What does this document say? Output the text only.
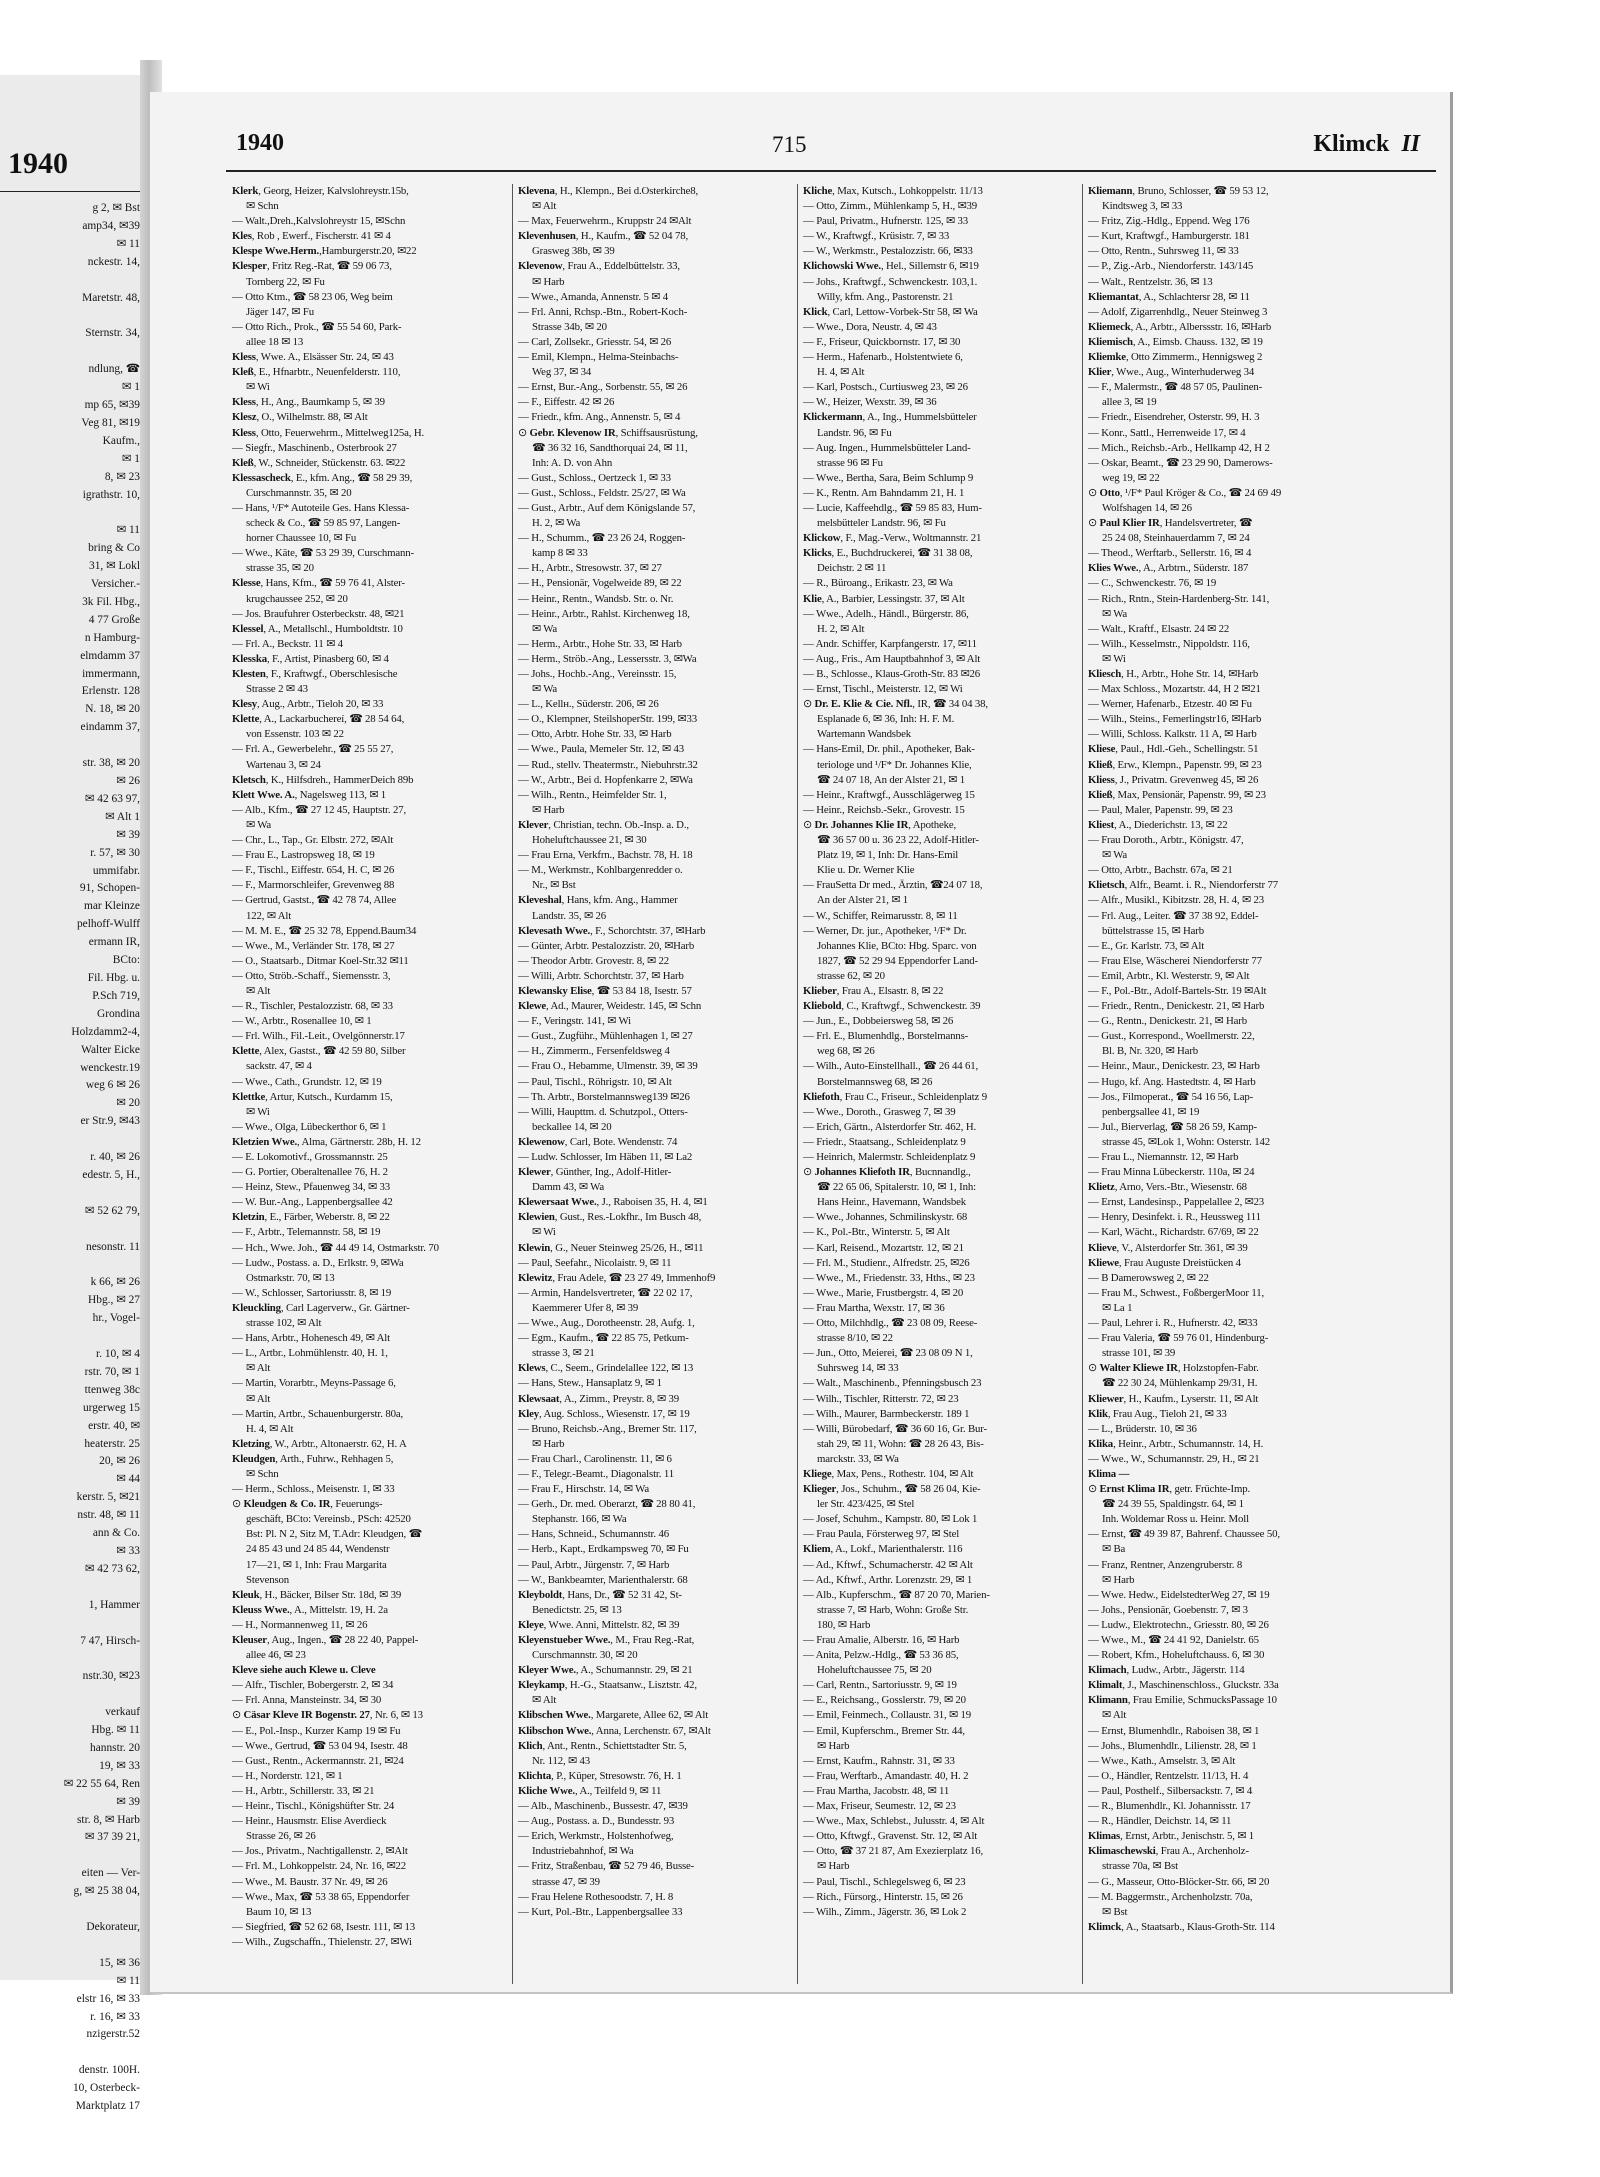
1940
g 2, ✉ Bst
amp34, ✉39
✉ 11
nckestr. 14,

Maretstr. 48,

Sternstr. 34,

ndlung, ☎
✉ 1
mp 65, ✉39
Veg 81, ✉19
Kaufm.,
✉ 1
8, ✉ 23
igrathstr. 10,

✉ 11
bring & Co
31, ✉ Lokl
Versicher.-
3k Fil. Hbg.,
4 77 Große
n Hamburg-
elmdamm 37
immermann,
Erlenstr. 128
N. 18, ✉ 20
eindamm 37,

str. 38, ✉ 20
✉ 26
✉ 42 63 97,
✉ Alt 1
✉ 39
r. 57, ✉ 30
ummifabr.
91, Schopen-
mar Kleinze
pelhoff-Wulff
ermann IR,
BCto:
Fil. Hbg. u.
P.Sch 719,
Grondina
Holzdamm2-4,
Walter Eicke
wenckestr.19
weg 6 ✉ 26
✉ 20
er Str.9, ✉43

r. 40, ✉ 26
edestr. 5, H.,

✉ 52 62 79,

nesonstr. 11

k 66, ✉ 26
Hbg., ✉ 27
hr., Vogel-

r. 10, ✉ 4
rstr. 70, ✉ 1
ttenweg 38c
urgerweg 15
erstr. 40, ✉
heaterstr. 25
20, ✉ 26
✉ 44
kerstr. 5, ✉21
nstr. 48, ✉ 11
ann & Co.
✉ 33
✉ 42 73 62,

1, Hammer

7 47, Hirsch-

nstr.30, ✉23

verkauf
Hbg. ✉ 11
hannstr. 20
19, ✉ 33
✉ 22 55 64, Ren
✉ 39
str. 8, ✉ Harb
✉ 37 39 21,

eiten — Ver-
g, ✉ 25 38 04,

Dekorateur,

15, ✉ 36
✉ 11
elstr 16, ✉ 33
r. 16, ✉ 33
nzigerstr.52

denstr. 100H.
10, Osterbeck-
Marktplatz 17
1940	715	Klimck II
Klerk, Georg, Heizer, Kalvslohreystr.15b,
✉ Schn
— Walt.,Dreh.,Kalvslohreystr 15, ✉Schn
Kles, Rob , Ewerf., Fischerstr. 41 ✉ 4
Klespe Wwe.Herm.,Hamburgerstr.20, ✉22
Klesper, Fritz Reg.-Rat, ☎ 59 06 73,
Tornberg 22, ✉ Fu
— Otto Ktm., ☎ 58 23 06, Weg beim
Jäger 147, ✉ Fu
— Otto Rich., Prok., ☎ 55 54 60, Park-
allee 18 ✉ 13
Kless, Wwe. A., Elsässer Str. 24, ✉ 43
Kleß, E., Hfnarbtr., Neuenfelderstr. 110,
✉ Wi
Kless, H., Ang., Baumkamp 5, ✉ 39
Klesz, O., Wilhelmstr. 88, ✉ Alt
Kless, Otto, Feuerwehrm., Mittelweg125a, H.
— Siegfr., Maschinenb., Osterbrook 27
Kleß, W., Schneider, Stückenstr. 63. ✉22
Klessascheck, E., kfm. Ang., ☎ 58 29 39,
Curschmannstr. 35, ✉ 20
— Hans, ¹/F* Autoteile Ges. Hans Klessa-
scheck & Co., ☎ 59 85 97, Langen-
horner Chaussee 10, ✉ Fu
— Wwe., Käte, ☎ 53 29 39, Curschmann-
strasse 35, ✉ 20
Klesse, Hans, Kfm., ☎ 59 76 41, Alster-
krugchaussee 252, ✉ 20
— Jos. Braufuhrer Osterbeckstr. 48, ✉21
Klessel, A., Metallschl., Humboldtstr. 10
— Frl. A., Beckstr. 11 ✉ 4
Klesska, F., Artist, Pinasberg 60, ✉ 4
Klesten, F., Kraftwgf., Oberschlesische
Strasse 2 ✉ 43
Klesy, Aug., Arbtr., Tieloh 20, ✉ 33
Klette, A., Lackarbuchereí, ☎ 28 54 64,
von Essenstr. 103 ✉ 22
— Frl. A., Gewerbelehr., ☎ 25 55 27,
Wartenau 3, ✉ 24
Kletsch, K., Hilfsdreh., HammerDeich 89b
Klett Wwe. A., Nagelsweg 113, ✉ 1
— Alb., Kfm., ☎ 27 12 45, Hauptstr. 27,
✉ Wa
— Chr., L., Tap., Gr. Elbstr. 272, ✉Alt
— Frau E., Lastropsweg 18, ✉ 19
— F., Tischl., Eiffestr. 654, H. C, ✉ 26
— F., Marmorschleifer, Grevenweg 88
— Gertrud, Gastst., ☎ 42 78 74, Allee
122, ✉ Alt
— M. M. E., ☎ 25 32 78, Eppend.Baum34
— Wwe., M., Verländer Str. 178, ✉ 27
— O., Staatsarb., Ditmar Koel-Str.32 ✉11
— Otto, Ströb.-Schaff., Siemensstr. 3,
✉ Alt
— R., Tischler, Pestalozzistr. 68, ✉ 33
— W., Arbtr., Rosenallee 10, ✉ 1
— Frl. Wilh., Fil.-Leit., Ovelgönnerstr.17
Klette, Alex, Gastst., ☎ 42 59 80, Silber
sackstr. 47, ✉ 4
— Wwe., Cath., Grundstr. 12, ✉ 19
Klettke, Artur, Kutsch., Kurdamm 15,
✉ Wi
— Wwe., Olga, Lübeckerthor 6, ✉ 1
Kletzien Wwe., Alma, Gärtnerstr. 28b, H. 12
— E. Lokomotivf., Grossmannstr. 25
— G. Portier, Oberaltenallee 76, H. 2
— Heinz, Stew., Pfauenweg 34, ✉ 33
— W. Bur.-Ang., Lappenbergsallee 42
Kletzin, E., Färber, Weberstr. 8, ✉ 22
— F., Arbtr., Telemannstr. 58, ✉ 19
— Hch., Wwe. Joh., ☎ 44 49 14, Ostmarkstr. 70
— Ludw., Postass. a. D., Erlkstr. 9, ✉Wa
Ostmarkstr. 70, ✉ 13
— W., Schlosser, Sartoriusstr. 8, ✉ 19
Kleuckling, Carl Lagerverw., Gr. Gärtner-
strasse 102, ✉ Alt
— Hans, Arbtr., Hohenesch 49, ✉ Alt
— L., Artbr., Lohmühlenstr. 40, H. 1,
✉ Alt
— Martin, Vorarbtr., Meyns-Passage 6,
✉ Alt
— Martin, Artbr., Schauenburgerstr. 80a,
H. 4, ✉ Alt
Kletzing, W., Arbtr., Altonaerstr. 62, H. A
Kleudgen, Arth., Fuhrw., Rehhagen 5,
✉ Schn
— Herm., Schloss., Meisenstr. 1, ✉ 33
⊙ Kleudgen & Co. IR, Feuerungs-
geschäft, BCto: Vereinsb., PSch: 42520
Bst: Pl. N 2, Sitz M, T.Adr: Kleudgen, ☎
24 85 43 und 24 85 44, Wendenstr
17—21, ✉ 1, Inh: Frau Margarita
Stevenson
Kleuk, H., Bäcker, Bilser Str. 18d, ✉ 39
Kleuss Wwe., A., Mittelstr. 19, H. 2a
— H., Normannenweg 11, ✉ 26
Kleuser, Aug., Ingen., ☎ 28 22 40, Pappel-
allee 46, ✉ 23
Kleve siehe auch Klewe u. Cleve
— Alfr., Tischler, Bobergerstr. 2, ✉ 34
— Frl. Anna, Mansteinstr. 34, ✉ 30
⊙ Cäsar Kleve IR Bogenstr. 27, Nr. 6, ✉ 13
— E., Pol.-Insp., Kurzer Kamp 19 ✉ Fu
— Wwe., Gertrud, ☎ 53 04 94, Isestr. 48
— Gust., Rentn., Ackermannstr. 21, ✉24
— H., Norderstr. 121, ✉ 1
— H., Arbtr., Schillerstr. 33, ✉ 21
— Heinr., Tischl., Königshüfter Str. 24
— Heinr., Hausmstr. Elise Averdieck
Strasse 26, ✉ 26
— Jos., Privatm., Nachtigallenstr. 2, ✉Alt
— Frl. M., Lohkoppelstr. 24, Nr. 16, ✉22
— Wwe., M. Baustr. 37 Nr. 49, ✉ 26
— Wwe., Max, ☎ 53 38 65, Eppendorfer
Baum 10, ✉ 13
— Siegfried, ☎ 52 62 68, Isestr. 111, ✉ 13
— Wilh., Zugschaffn., Thielenstr. 27, ✉Wi
Klevena, H., Klempn., Bei d.Osterkirche8,
✉ Alt
— Max, Feuerwehrm., Kruppstr 24 ✉Alt
Klevenhusen, H., Kaufm., ☎ 52 04 78,
Grasweg 38b, ✉ 39
Klevenow, Frau A., Eddelbüttelstr. 33,
✉ Harb
— Wwe., Amanda, Annenstr. 5 ✉ 4
— Frl. Anni, Rchsp.-Btn., Robert-Koch-
Strasse 34b, ✉ 20
— Carl, Zollsekr., Griesstr. 54, ✉ 26
— Emil, Klempn., Helma-Steinbachs-
Weg 37, ✉ 34
— Ernst, Bur.-Ang., Sorbenstr. 55, ✉ 26
— F., Eiffestr. 42 ✉ 26
— Friedr., kfm. Ang., Annenstr. 5, ✉ 4
⊙ Gebr. Klevenow IR, Schiffsausrüstung,
☎ 36 32 16, Sandthorquai 24, ✉ 11,
Inh: A. D. von Ahn
— Gust., Schloss., Oertzeck 1, ✉ 33
— Gust., Schloss., Feldstr. 25/27, ✉ Wa
— Gust., Arbtr., Auf dem Königslande 57,
H. 2, ✉ Wa
— H., Schumm., ☎ 23 26 24, Roggen-
kamp 8 ✉ 33
— H., Arbtr., Stresowstr. 37, ✉ 27
— H., Pensionär, Vogelweide 89, ✉ 22
— Heinr., Rentn., Wandsb. Str. o. Nr.
— Heinr., Arbtr., Rahlst. Kirchenweg 18,
✉ Wa
— Herm., Arbtr., Hohe Str. 33, ✉ Harb
— Herm., Ströb.-Ang., Lessersstr. 3, ✉Wa
— Johs., Hochb.-Ang., Vereinsstr. 15,
✉ Wa
— L., Kellн., Süderstr. 206, ✉ 26
— O., Klempner, SteilshoperStr. 199, ✉33
— Otto, Arbtr. Hohe Str. 33, ✉ Harb
— Wwe., Paula, Memeler Str. 12, ✉ 43
— Rud., stellv. Theatermstr., Niebuhrstr.32
— W., Arbtr., Bei d. Hopfenkarre 2, ✉Wa
— Wilh., Rentn., Heimfelder Str. 1,
✉ Harb
Klever, Christian, techn. Ob.-Insp. a. D.,
Hoheluftchaussee 21, ✉ 30
— Frau Erna, Verkfrn., Bachstr. 78, H. 18
— M., Werkmstr., Kohlbargenredder o.
Nr., ✉ Bst
Kleveshal, Hans, kfm. Ang., Hammer
Landstr. 35, ✉ 26
Klevesath Wwe., F., Schorchtstr. 37, ✉Harb
— Günter, Arbtr. Pestalozzistr. 20, ✉Harb
— Theodor Arbtr. Grovestr. 8, ✉ 22
— Willi, Arbtr. Schorchtstr. 37, ✉ Harb
Klewansky Elise, ☎ 53 84 18, Isestr. 57
Klewe, Ad., Maurer, Weidestr. 145, ✉ Schn
— F., Veringstr. 141, ✉ Wi
— Gust., Zugführ., Mühlenhagen 1, ✉ 27
— H., Zimmerm., Fersenfeldsweg 4
— Frau O., Hebamme, Ulmenstr. 39, ✉ 39
— Paul, Tischl., Röhrigstr. 10, ✉ Alt
— Th. Arbtr., Borstelmannsweg139 ✉26
— Willi, Haupttm. d. Schutzpol., Otters-
beckallee 14, ✉ 20
Klewenow, Carl, Bote. Wendenstr. 74
— Ludw. Schlosser, Im Häben 11, ✉ La2
Klewer, Günther, Ing., Adolf-Hitler-
Damm 43, ✉ Wa
Klewersaat Wwe., J., Raboisen 35, H. 4, ✉1
Klewien, Gust., Res.-Lokfhr., Im Busch 48,
✉ Wi
Klewin, G., Neuer Steinweg 25/26, H., ✉11
— Paul, Seefahr., Nicolaistr. 9, ✉ 11
Klewitz, Frau Adele, ☎ 23 27 49, Immenhof9
— Armin, Handelsvertreter, ☎ 22 02 17,
Kaemmerer Ufer 8, ✉ 39
— Wwe., Aug., Dorotheenstr. 28, Aufg. 1,
— Egm., Kaufm., ☎ 22 85 75, Petkum-
strasse 3, ✉ 21
Klews, C., Seem., Grindelallee 122, ✉ 13
— Hans, Stew., Hansaplatz 9, ✉ 1
Klewsaat, A., Zimm., Preystr. 8, ✉ 39
Kley, Aug. Schloss., Wiesenstr. 17, ✉ 19
— Bruno, Reichsb.-Ang., Bremer Str. 117,
✉ Harb
— Frau Charl., Carolinenstr. 11, ✉ 6
— F., Telegr.-Beamt., Diagonalstr. 11
— Frau F., Hirschstr. 14, ✉ Wa
— Gerh., Dr. med. Oberarzt, ☎ 28 80 41,
Stephanstr. 166, ✉ Wa
— Hans, Schneid., Schumannstr. 46
— Herb., Kapt., Erdkampsweg 70, ✉ Fu
— Paul, Arbtr., Jürgenstr. 7, ✉ Harb
— W., Bankbeamter, Marienthalerstr. 68
Kleyboldt, Hans, Dr., ☎ 52 31 42, St-
Benedictstr. 25, ✉ 13
Kleye, Wwe. Anni, Mittelstr. 82, ✉ 39
Kleyenstueber Wwe., M., Frau Reg.-Rat,
Curschmannstr. 30, ✉ 20
Kleyer Wwe., A., Schumannstr. 29, ✉ 21
Kleykamp, H.-G., Staatsanw., Lisztstr. 42,
✉ Alt
Klibschen Wwe., Margarete, Allee 62, ✉ Alt
Klibschon Wwe., Anna, Lerchenstr. 67, ✉Alt
Klich, Ant., Rentn., Schiettstadter Str. 5,
Nr. 112, ✉ 43
Klichta, P., Küper, Stresowstr. 76, H. 1
Kliche Wwe., A., Teilfeld 9, ✉ 11
— Alb., Maschinenb., Bussestr. 47, ✉39
— Aug., Postass. a. D., Bundesstr. 93
— Erich, Werkmstr., Holstenhofweg,
Industriebahnhof, ✉ Wa
— Fritz, Straßenbau, ☎ 52 79 46, Busse-
strasse 47, ✉ 39
— Frau Helene Rothesoodstr. 7, H. 8
— Kurt, Pol.-Btr., Lappenbergsallee 33
Kliche, Max, Kutsch., Lohkoppelstr. 11/13
— Otto, Zimm., Mühlenkamp 5, H., ✉39
— Paul, Privatm., Hufnerstr. 125, ✉ 33
— W., Kraftwgf., Krüsistr. 7, ✉ 33
— W., Werkmstr., Pestalozzistr. 66, ✉33
Klichowski Wwe., Hel., Sillemstr 6, ✉19
— Johs., Kraftwgf., Schwenckestr. 103,1.
Willy, kfm. Ang., Pastorenstr. 21
Klick, Carl, Lettow-Vorbek-Str 58, ✉ Wa
— Wwe., Dora, Neustr. 4, ✉ 43
— F., Friseur, Quickbornstr. 17, ✉ 30
— Herm., Hafenarb., Holstentwiete 6,
H. 4, ✉ Alt
— Karl, Postsch., Curtiusweg 23, ✉ 26
— W., Heizer, Wexstr. 39, ✉ 36
Klickermann, A., Ing., Hummelsbütteler
Landstr. 96, ✉ Fu
— Aug. Ingen., Hummelsbütteler Land-
strasse 96 ✉ Fu
— Wwe., Bertha, Sara, Beim Schlump 9
— K., Rentn. Am Bahndamm 21, H. 1
— Lucie, Kaffeehdlg., ☎ 59 85 83, Hum-
melsbütteler Landstr. 96, ✉ Fu
Klickow, F., Mag.-Verw., Woltmannstr. 21
Klicks, E., Buchdruckerei, ☎ 31 38 08,
Deichstr. 2 ✉ 11
— R., Büroang., Erikastr. 23, ✉ Wa
Klie, A., Barbier, Lessingstr. 37, ✉ Alt
— Wwe., Adelh., Händl., Bürgerstr. 86,
H. 2, ✉ Alt
— Andr. Schiffer, Karpfangerstr. 17, ✉11
— Aug., Fris., Am Hauptbahnhof 3, ✉ Alt
— B., Schlosse., Klaus-Groth-Str. 83 ✉26
— Ernst, Tischl., Meisterstr. 12, ✉ Wi
⊙ Dr. E. Klie & Cie. Nfl., IR, ☎ 34 04 38,
Esplanade 6, ✉ 36, Inh: H. F. M.
Wartemann Wandsbek
— Hans-Emil, Dr. phil., Apotheker, Bak-
teriologe und ¹/F* Dr. Johannes Klie,
☎ 24 07 18, An der Alster 21, ✉ 1
— Heinr., Kraftwgf., Ausschlägerweg 15
— Heinr., Reichsb.-Sekr., Grovestr. 15
⊙ Dr. Johannes Klie IR, Apotheke,
☎ 36 57 00 u. 36 23 22, Adolf-Hitler-
Platz 19, ✉ 1, Inh: Dr. Hans-Emil
Klie u. Dr. Werner Klie
— FrauSetta Dr med., Ärztin, ☎24 07 18,
An der Alster 21, ✉ 1
— W., Schiffer, Reimarusstr. 8, ✉ 11
— Werner, Dr. jur., Apotheker, ¹/F* Dr.
Johannes Klie, BCto: Hbg. Sparc. von
1827, ☎ 52 29 94 Eppendorfer Land-
strasse 62, ✉ 20
Klieber, Frau A., Elsastr. 8, ✉ 22
Kliebold, C., Kraftwgf., Schwenckestr. 39
— Jun., E., Dobbeiersweg 58, ✉ 26
— Frl. E., Blumenhdlg., Borstelmanns-
weg 68, ✉ 26
— Wilh., Auto-Einstellhall., ☎ 26 44 61,
Borstelmannsweg 68, ✉ 26
Kliefoth, Frau C., Friseur., Schleidenplatz 9
— Wwe., Doroth., Grasweg 7, ✉ 39
— Erich, Gärtn., Alsterdorfer Str. 462, H.
— Friedr., Staatsang., Schleidenplatz 9
— Heinrich, Malermstr. Schleidenplatz 9
⊙ Johannes Kliefoth IR, Bucnnandlg.,
☎ 22 65 06, Spitalerstr. 10, ✉ 1, Inh:
Hans Heinr., Havemann, Wandsbek
— Wwe., Johannes, Schmilinskystr. 68
— K., Pol.-Btr., Winterstr. 5, ✉ Alt
— Karl, Reisend., Mozartstr. 12, ✉ 21
— Frl. M., Studienr., Alfredstr. 25, ✉26
— Wwe., M., Friedenstr. 33, Hths., ✉ 23
— Wwe., Marie, Frustbergstr. 4, ✉ 20
— Frau Martha, Wexstr. 17, ✉ 36
— Otto, Milchhdlg., ☎ 23 08 09, Reese-
strasse 8/10, ✉ 22
— Jun., Otto, Meierei, ☎ 23 08 09 N 1,
Suhrsweg 14, ✉ 33
— Walt., Maschinenb., Pfenningsbusch 23
— Wilh., Tischler, Ritterstr. 72, ✉ 23
— Wilh., Maurer, Barmbeckerstr. 189 1
— Willi, Bürobedarf, ☎ 36 60 16, Gr. Bur-
stah 29, ✉ 11, Wohn: ☎ 28 26 43, Bis-
marckstr. 33, ✉ Wa
Kliege, Max, Pens., Rothestr. 104, ✉ Alt
Klieger, Jos., Schuhm., ☎ 58 26 04, Kie-
ler Str. 423/425, ✉ Stel
— Josef, Schuhm., Kampstr. 80, ✉ Lok 1
— Frau Paula, Försterweg 97, ✉ Stel
Kliem, A., Lokf., Marienthalerstr. 116
— Ad., Kftwf., Schumacherstr. 42 ✉ Alt
— Ad., Kftwf., Arthr. Lorenzstr. 29, ✉ 1
— Alb., Kupferschm., ☎ 87 20 70, Marien-
strasse 7, ✉ Harb, Wohn: Große Str.
180, ✉ Harb
— Frau Amalie, Alberstr. 16, ✉ Harb
— Anita, Pelzw.-Hdlg., ☎ 53 36 85,
Hoheluftchaussee 75, ✉ 20
— Carl, Rentn., Sartoriusstr. 9, ✉ 19
— E., Reichsang., Gosslerstr. 79, ✉ 20
— Emil, Feinmech., Collaustr. 31, ✉ 19
— Emil, Kupferschm., Bremer Str. 44,
✉ Harb
— Ernst, Kaufm., Rahnstr. 31, ✉ 33
— Frau, Werftarb., Amandastr. 40, H. 2
— Frau Martha, Jacobstr. 48, ✉ 11
— Max, Friseur, Seumestr. 12, ✉ 23
— Wwe., Max, Schlebst., Julusstr. 4, ✉ Alt
— Otto, Kftwgf., Gravenst. Str. 12, ✉ Alt
— Otto, ☎ 37 21 87, Am Exezierplatz 16,
✉ Harb
— Paul, Tischl., Schlegelsweg 6, ✉ 23
— Rich., Fürsorg., Hinterstr. 15, ✉ 26
— Wilh., Zimm., Jägerstr. 36, ✉ Lok 2
Kliemann, Bruno, Schlosser, ☎ 59 53 12,
Kindtsweg 3, ✉ 33
— Fritz, Zig.-Hdlg., Eppend. Weg 176
— Kurt, Kraftwgf., Hamburgerstr. 181
— Otto, Rentn., Suhrsweg 11, ✉ 33
— P., Zig.-Arb., Niendorferstr. 143/145
— Walt., Rentzelstr. 36, ✉ 13
Kliemantat, A., Schlachtersr 28, ✉ 11
— Adolf, Zigarrenhdlg., Neuer Steinweg 3
Kliemeck, A., Arbtr., Alberssstr. 16, ✉Harb
Kliemisch, A., Eimsb. Chauss. 132, ✉ 19
Kliemke, Otto Zimmerm., Hennigsweg 2
Klier, Wwe., Aug., Winterhuderweg 34
— F., Malermstr., ☎ 48 57 05, Paulinen-
allee 3, ✉ 19
— Friedr., Eisendreher, Osterstr. 99, H. 3
— Konr., Sattl., Herrenweide 17, ✉ 4
— Mich., Reichsb.-Arb., Hellkamp 42, H 2
— Oskar, Beamt., ☎ 23 29 90, Damerows-
weg 19, ✉ 22
⊙ Otto, ¹/F* Paul Kröger & Co., ☎ 24 69 49
Wolfshagen 14, ✉ 26
⊙ Paul Klier IR, Handelsvertreter, ☎
25 24 08, Steinhauerdamm 7, ✉ 24
— Theod., Werftarb., Sellerstr. 16, ✉ 4
Klies Wwe., A., Arbtrn., Süderstr. 187
— C., Schwenckestr. 76, ✉ 19
— Rich., Rntn., Stein-Hardenberg-Str. 141,
✉ Wa
— Walt., Kraftf., Elsastr. 24 ✉ 22
— Wilh., Kesselmstr., Nippoldstr. 116,
✉ Wi
Kliesch, H., Arbtr., Hohe Str. 14, ✉Harb
— Max Schloss., Mozartstr. 44, H 2 ✉21
— Werner, Hafenarb., Etzestr. 40 ✉ Fu
— Wilh., Steins., Femerlingstr16, ✉Harb
— Willi, Schloss. Kalkstr. 11 A, ✉ Harb
Kliese, Paul., Hdl.-Geh., Schellingstr. 51
Kließ, Erw., Klempn., Papenstr. 99, ✉ 23
Kliess, J., Privatm. Grevenweg 45, ✉ 26
Kließ, Max, Pensionär, Papenstr. 99, ✉ 23
— Paul, Maler, Papenstr. 99, ✉ 23
Kliest, A., Diederichstr. 13, ✉ 22
— Frau Doroth., Arbtr., Königstr. 47,
✉ Wa
— Otto, Arbtr., Bachstr. 67a, ✉ 21
Klietsch, Alfr., Beamt. i. R., Niendorferstr 77
— Alfr., Musikl., Kibitzstr. 28, H. 4, ✉ 23
— Frl. Aug., Leiter. ☎ 37 38 92, Eddel-
büttelstrasse 15, ✉ Harb
— E., Gr. Karlstr. 73, ✉ Alt
— Frau Else, Wäscherei Niendorferstr 77
— Emil, Arbtr., Kl. Westerstr. 9, ✉ Alt
— F., Pol.-Btr., Adolf-Bartels-Str. 19 ✉Alt
— Friedr., Rentn., Denickestr. 21, ✉ Harb
— G., Rentn., Denickestr. 21, ✉ Harb
— Gust., Korrespond., Woellmerstr. 22,
Bl. B, Nr. 320, ✉ Harb
— Heinr., Maur., Denickestr. 23, ✉ Harb
— Hugo, kf. Ang. Hastedtstr. 4, ✉ Harb
— Jos., Filmoperat., ☎ 54 16 56, Lap-
penbergsallee 41, ✉ 19
— Jul., Bierverlag, ☎ 58 26 59, Kamp-
strasse 45, ✉Lok 1, Wohn: Osterstr. 142
— Frau L., Niemannstr. 12, ✉ Harb
— Frau Minna Lübeckerstr. 110a, ✉ 24
Klietz, Arno, Vers.-Btr., Wiesenstr. 68
— Ernst, Landesinsp., Pappelallee 2, ✉23
— Henry, Desinfekt. i. R., Heussweg 111
— Karl, Wächt., Richardstr. 67/69, ✉ 22
Klieve, V., Alsterdorfer Str. 361, ✉ 39
Kliewe, Frau Auguste Dreistücken 4
— B Damerowsweg 2, ✉ 22
— Frau M., Schwest., FoßbergerMoor 11,
✉ La 1
— Paul, Lehrer i. R., Hufnerstr. 42, ✉33
— Frau Valeria, ☎ 59 76 01, Hindenburg-
strasse 101, ✉ 39
⊙ Walter Kliewe IR, Holzstopfen-Fabr.
☎ 22 30 24, Mühlenkamp 29/31, H.
Kliewer, H., Kaufm., Lyserstr. 11, ✉ Alt
Klik, Frau Aug., Tieloh 21, ✉ 33
— L., Brüderstr. 10, ✉ 36
Klika, Heinr., Arbtr., Schumannstr. 14, H.
— Wwe., W., Schumannstr. 29, H., ✉ 21
Klima —
⊙ Ernst Klima IR, getr. Früchte-Imp.
☎ 24 39 55, Spaldingstr. 64, ✉ 1
Inh. Woldemar Ross u. Heinr. Moll
— Ernst, ☎ 49 39 87, Bahrenf. Chaussee 50,
✉ Ba
— Franz, Rentner, Anzengruberstr. 8
✉ Harb
— Wwe. Hedw., EidelstedterWeg 27, ✉ 19
— Johs., Pensionär, Goebenstr. 7, ✉ 3
— Ludw., Elektrotechn., Griesstr. 80, ✉ 26
— Wwe., M., ☎ 24 41 92, Danielstr. 65
— Robert, Kfm., Hoheluftchauss. 6, ✉ 30
Klimach, Ludw., Arbtr., Jägerstr. 114
Klimalt, J., Maschinenschloss., Gluckstr. 33a
Klimann, Frau Emilie, SchmucksPassage 10
✉ Alt
— Ernst, Blumenhdlr., Raboisen 38, ✉ 1
— Johs., Blumenhdlr., Lilienstr. 28, ✉ 1
— Wwe., Kath., Amselstr. 3, ✉ Alt
— O., Händler, Rentzelstr. 11/13, H. 4
— Paul, Posthelf., Silbersackstr. 7, ✉ 4
— R., Blumenhdlr., Kl. Johannisstr. 17
— R., Händler, Deichstr. 14, ✉ 11
Klimas, Ernst, Arbtr., Jenischstr. 5, ✉ 1
Klimaschewski, Frau A., Archenholz-
strasse 70a, ✉ Bst
— G., Masseur, Otto-Blöcker-Str. 66, ✉ 20
— M. Baggermstr., Archenholzstr. 70a,
✉ Bst
Klimck, A., Staatsarb., Klaus-Groth-Str. 114
